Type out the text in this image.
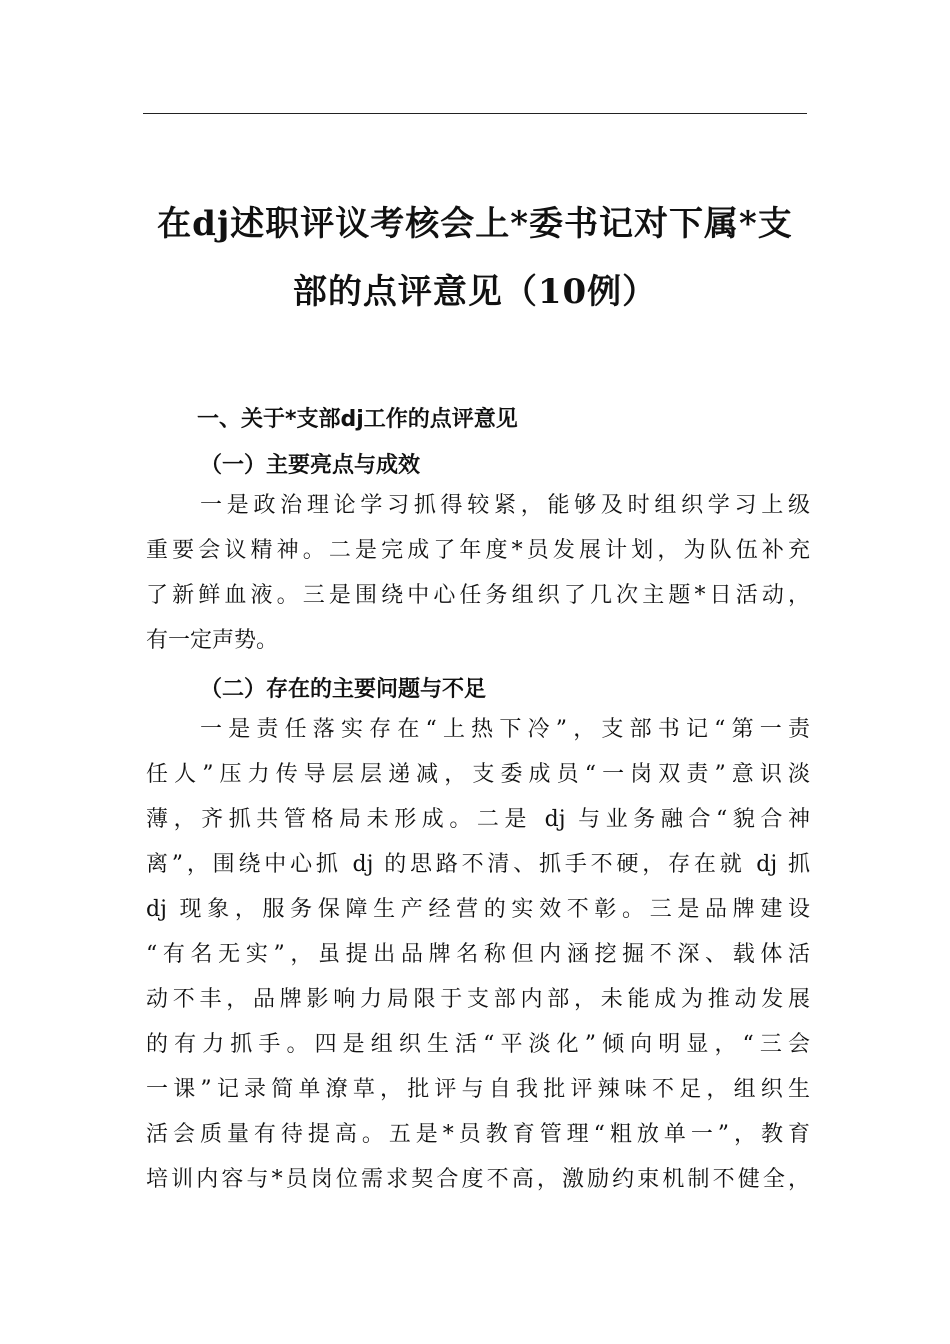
在dj述职评议考核会上*委书记对下属*支
部的点评意见（10例）
一、关于*支部dj工作的点评意见
（一）主要亮点与成效
一是政治理论学习抓得较紧，能够及时组织学习上级
重要会议精神。二是完成了年度*员发展计划，为队伍补充
了新鲜血液。三是围绕中心任务组织了几次主题*日活动，
有一定声势。
（二）存在的主要问题与不足
一是责任落实存在“上热下冷”，支部书记“第一责
任人”压力传导层层递减，支委成员“一岗双责”意识淡
薄，齐抓共管格局未形成。二是 dj 与业务融合“貌合神
离”，围绕中心抓 dj 的思路不清、抓手不硬，存在就 dj 抓
dj 现象，服务保障生产经营的实效不彰。三是品牌建设
“有名无实”，虽提出品牌名称但内涵挖掘不深、载体活
动不丰，品牌影响力局限于支部内部，未能成为推动发展
的有力抓手。四是组织生活“平淡化”倾向明显，“三会
一课”记录简单潦草，批评与自我批评辣味不足，组织生
活会质量有待提高。五是*员教育管理“粗放单一”，教育
培训内容与*员岗位需求契合度不高，激励约束机制不健全，
